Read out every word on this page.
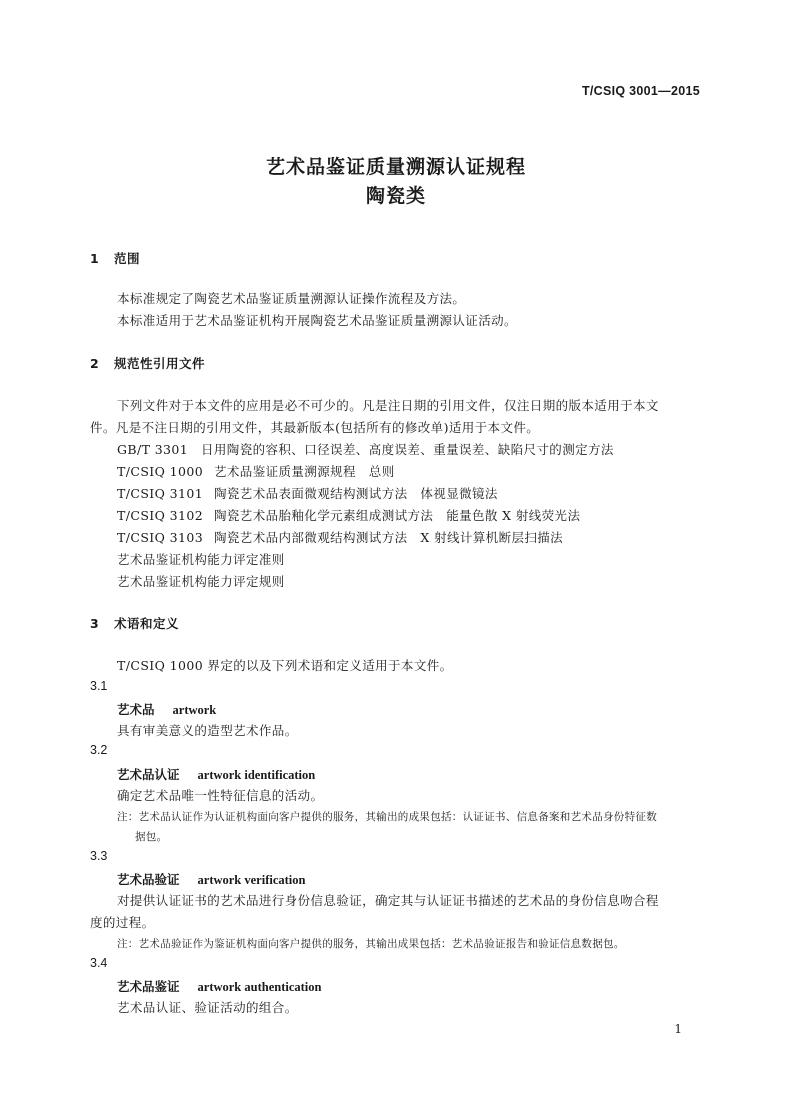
T/CSIQ 3001—2015
艺术品鉴证质量溯源认证规程
陶瓷类
1 范围
本标准规定了陶瓷艺术品鉴证质量溯源认证操作流程及方法。
本标准适用于艺术品鉴证机构开展陶瓷艺术品鉴证质量溯源认证活动。
2 规范性引用文件
下列文件对于本文件的应用是必不可少的。凡是注日期的引用文件，仅注日期的版本适用于本文
件。凡是不注日期的引用文件，其最新版本(包括所有的修改单)适用于本文件。
GB/T 3301 日用陶瓷的容积、口径误差、高度误差、重量误差、缺陷尺寸的测定方法
T/CSIQ 1000 艺术品鉴证质量溯源规程　总则
T/CSIQ 3101 陶瓷艺术品表面微观结构测试方法　体视显微镜法
T/CSIQ 3102 陶瓷艺术品胎釉化学元素组成测试方法　能量色散 X 射线荧光法
T/CSIQ 3103 陶瓷艺术品内部微观结构测试方法　X 射线计算机断层扫描法
艺术品鉴证机构能力评定准则
艺术品鉴证机构能力评定规则
3 术语和定义
T/CSIQ 1000 界定的以及下列术语和定义适用于本文件。
3.1
艺术品 artwork
具有审美意义的造型艺术作品。
3.2
艺术品认证 artwork identification
确定艺术品唯一性特征信息的活动。
注：艺术品认证作为认证机构面向客户提供的服务，其输出的成果包括：认证证书、信息备案和艺术品身份特征数
据包。
3.3
艺术品验证 artwork verification
对提供认证证书的艺术品进行身份信息验证，确定其与认证证书描述的艺术品的身份信息吻合程
度的过程。
注：艺术品验证作为鉴证机构面向客户提供的服务，其输出成果包括：艺术品验证报告和验证信息数据包。
3.4
艺术品鉴证 artwork authentication
艺术品认证、验证活动的组合。
1
